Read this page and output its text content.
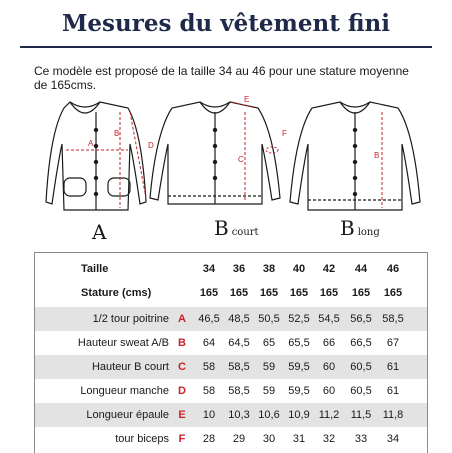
Mesures du vêtement fini
Ce modèle est proposé de la taille 34 au 46 pour une stature moyenne de 165cms.
A
B
D
C
E
F
B
A	Bcourt	Blong
Taille	34	36	38	40	42	44	46
Stature (cms)	165	165	165	165	165	165	165
1/2 tour poitrine A	46,5 48,5 50,5 52,5 54,5 56,5 58,5
Hauteur sweat A/B B	64	64,5	65	65,5	66	66,5	67
Hauteur B court C	58	58,5	59	59,5	60	60,5	61
Longueur manche D	58	58,5	59	59,5	60	60,5	61
Longueur épaule E	10	10,3 10,6 10,9 11,2	11,5	11,8
tour biceps F	28	29	30	31	32	33	34
